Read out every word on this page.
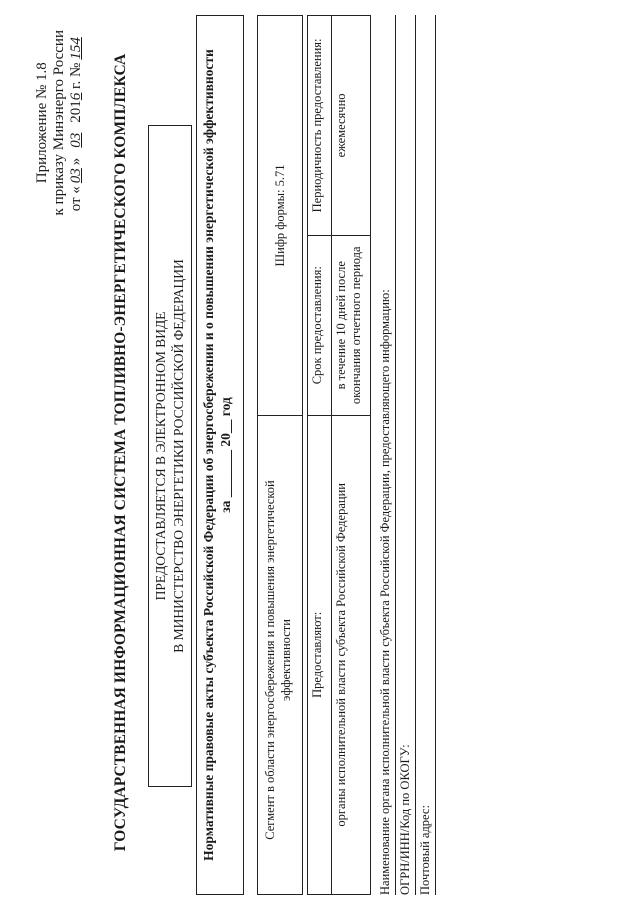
Приложение № 1.8 к приказу Минэнерго России от «03»032016 г. №154
ГОСУДАРСТВЕННАЯ ИНФОРМАЦИОННАЯ СИСТЕМА ТОПЛИВНО-ЭНЕРГЕТИЧЕСКОГО КОМПЛЕКСА ПРЕДОСТАВЛЯЕТСЯ В ЭЛЕКТРОННОМ ВИДЕ В МИНИСТЕРСТВО ЭНЕРГЕТИКИ РОССИЙСКОЙ ФЕДЕРАЦИИ Нормативные правовые акты субъекта Российской Федерации об энергосбережении и о повышении энергетической эффективности за _______ 20__ год
Сегмент в области энергосбережения и повышения энергетической эффективности
Шифр формы: 5.71
Предоставляют:	Срок предоставления:	Периодичность предоставления:
органы исполнительной власти субъекта Российской Федерации	в течение 10 дней после окончания отчетного периода	ежемесячно
Наименование органа исполнительной власти субъекта Российской Федерации, предоставляющего информацию: ОГРН/ИНН/Код по ОКОГУ: Почтовый адрес:
